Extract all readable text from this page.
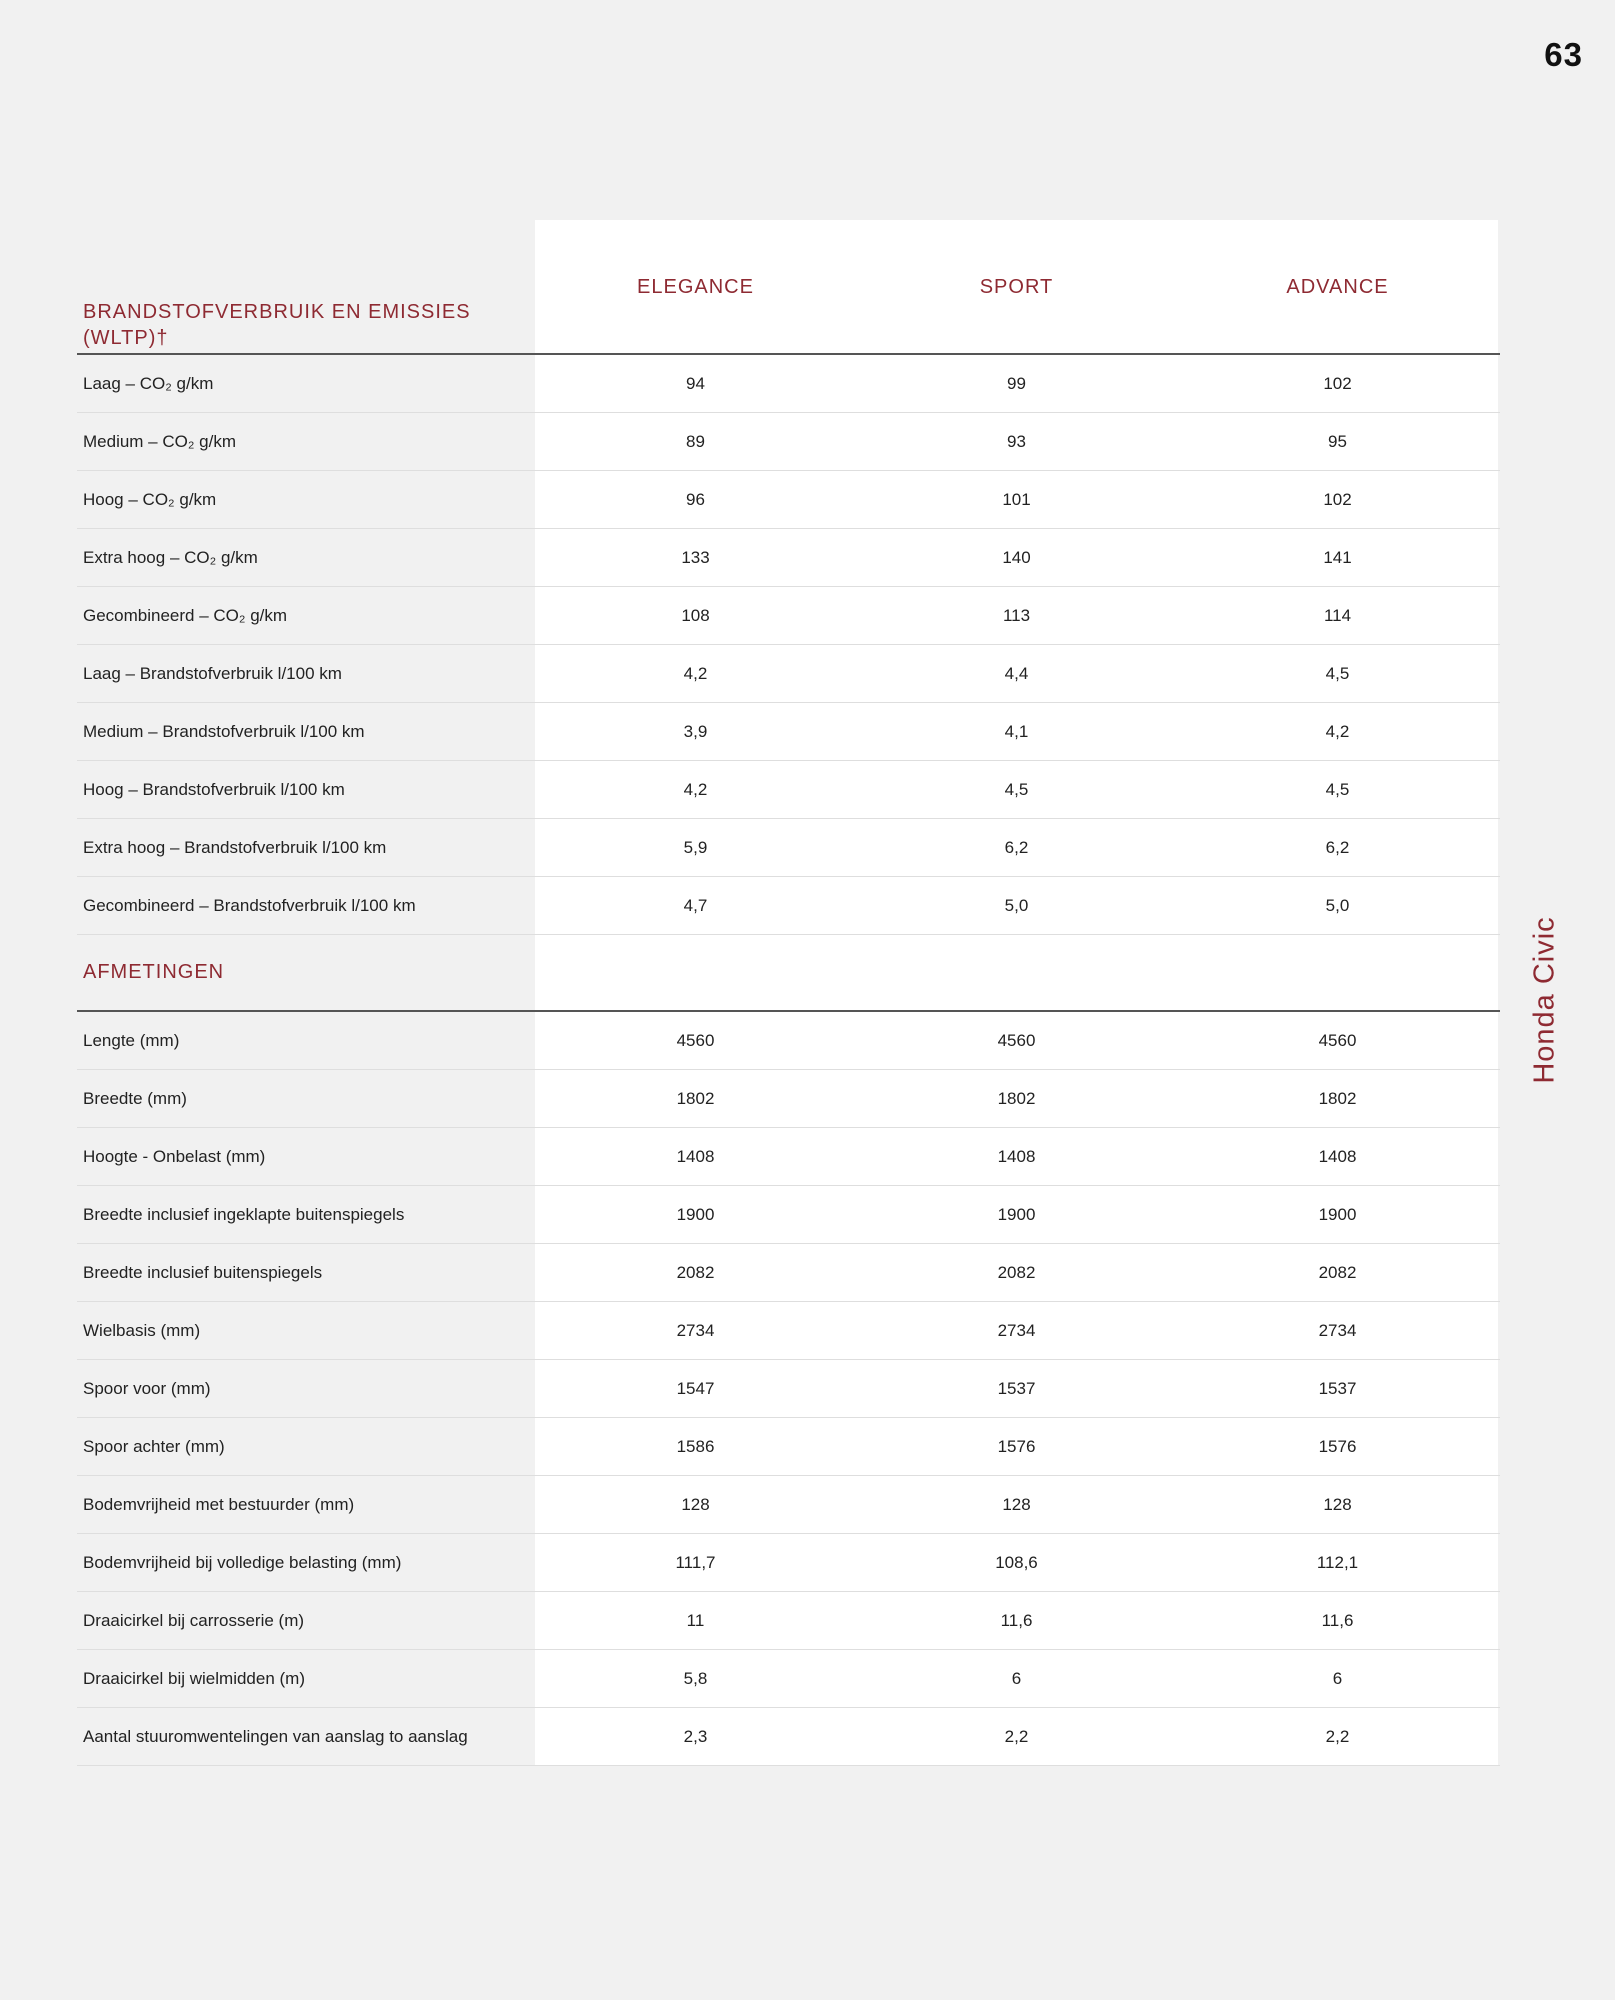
63
Honda Civic
BRANDSTOFVERBRUIK EN EMISSIES (WLTP)†
ELEGANCE	SPORT	ADVANCE
Laag – CO₂ g/km	94	99	102
Medium – CO₂ g/km	89	93	95
Hoog – CO₂ g/km	96	101	102
Extra hoog – CO₂ g/km	133	140	141
Gecombineerd – CO₂ g/km	108	113	114
Laag – Brandstofverbruik l/100 km	4,2	4,4	4,5
Medium – Brandstofverbruik l/100 km	3,9	4,1	4,2
Hoog – Brandstofverbruik l/100 km	4,2	4,5	4,5
Extra hoog – Brandstofverbruik l/100 km	5,9	6,2	6,2
Gecombineerd – Brandstofverbruik l/100 km	4,7	5,0	5,0
AFMETINGEN
Lengte (mm)	4560	4560	4560
Breedte (mm)	1802	1802	1802
Hoogte - Onbelast (mm)	1408	1408	1408
Breedte inclusief ingeklapte buitenspiegels	1900	1900	1900
Breedte inclusief buitenspiegels	2082	2082	2082
Wielbasis (mm)	2734	2734	2734
Spoor voor (mm)	1547	1537	1537
Spoor achter (mm)	1586	1576	1576
Bodemvrijheid met bestuurder (mm)	128	128	128
Bodemvrijheid bij volledige belasting (mm)	111,7	108,6	112,1
Draaicirkel bij carrosserie (m)	11	11,6	11,6
Draaicirkel bij wielmidden (m)	5,8	6	6
Aantal stuuromwentelingen van aanslag to aanslag	2,3	2,2	2,2
